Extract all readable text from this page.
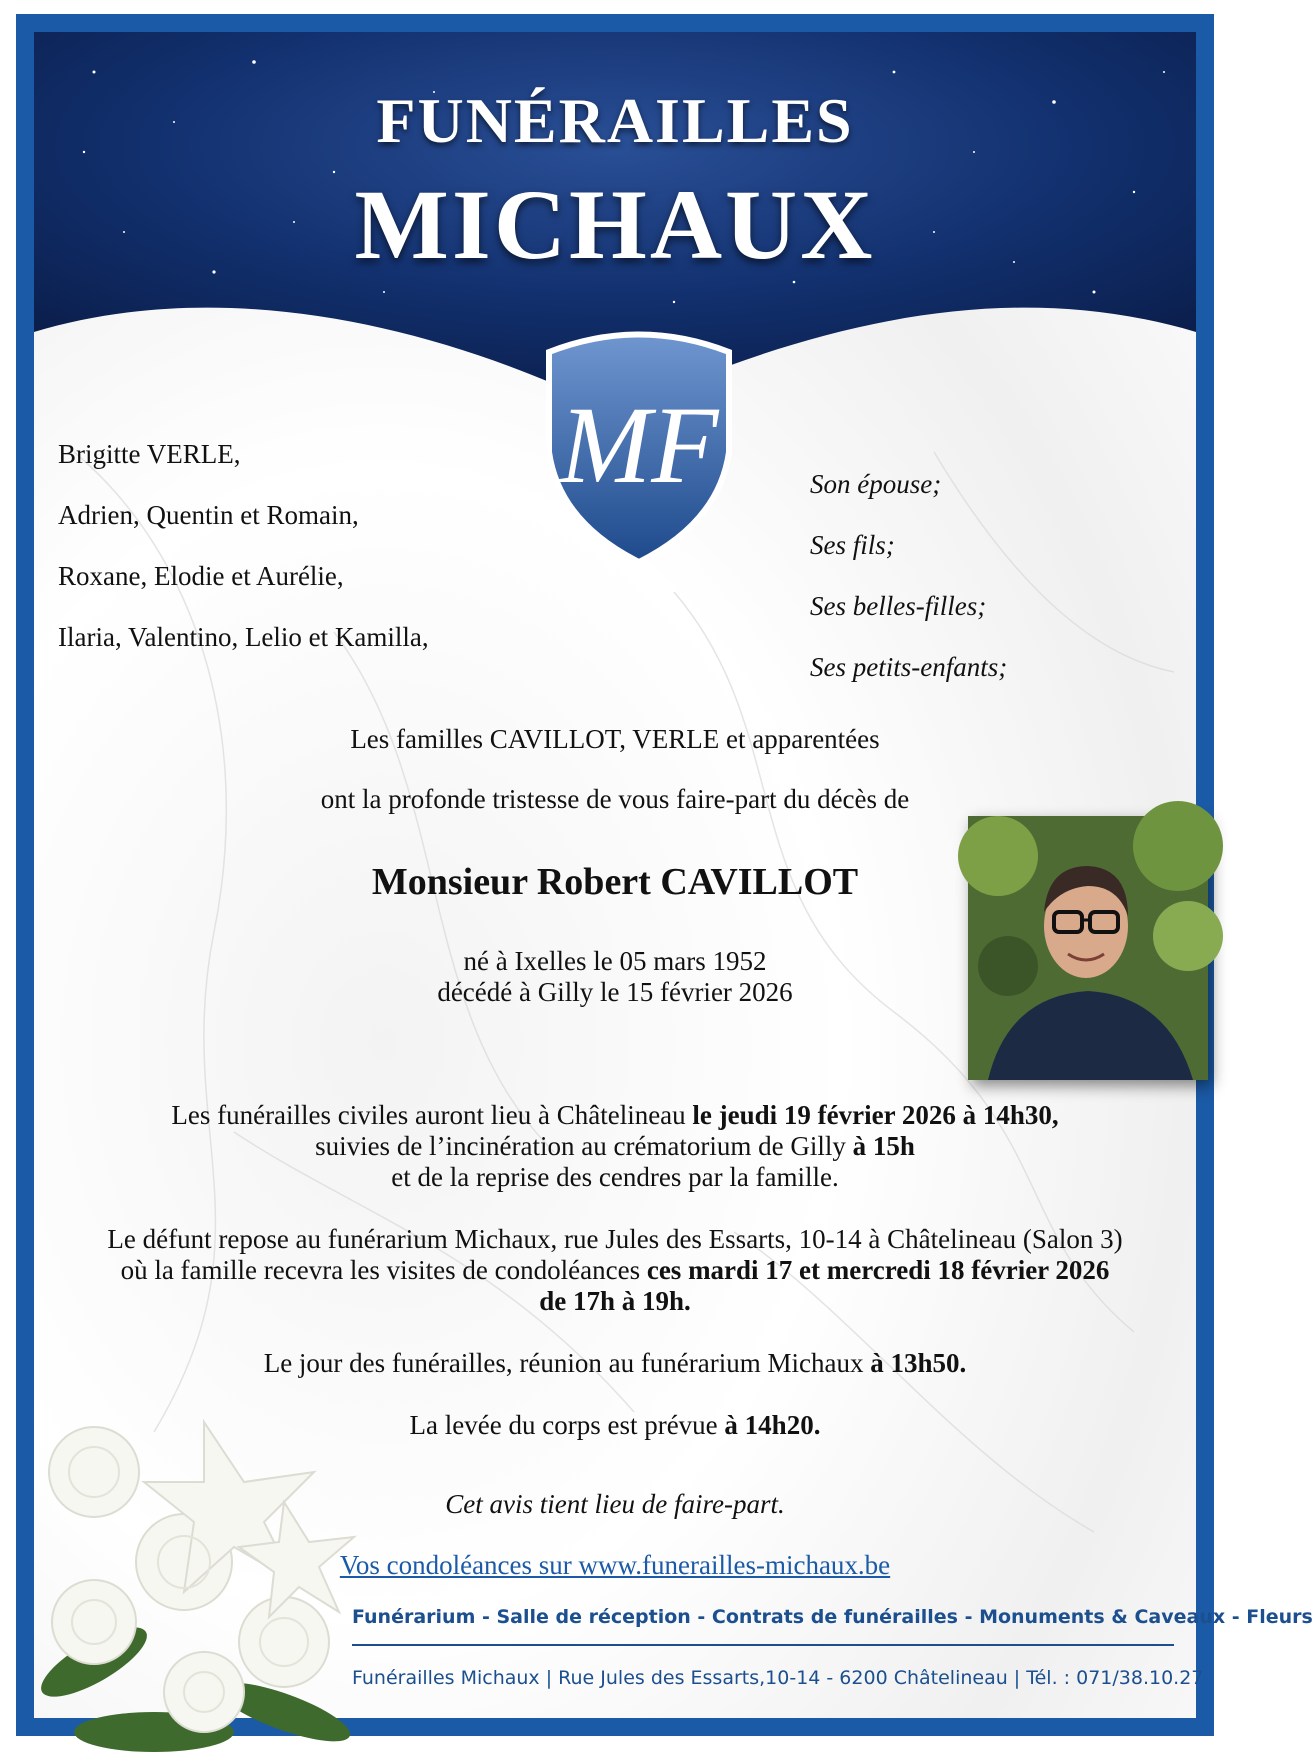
FUNÉRAILLES
MICHAUX
MF
Brigitte VERLE,
Adrien, Quentin et Romain,
Roxane, Elodie et Aurélie,
Ilaria, Valentino, Lelio et Kamilla,
Son épouse;
Ses fils;
Ses belles-filles;
Ses petits-enfants;
Les familles CAVILLOT, VERLE et apparentées
ont la profonde tristesse de vous faire-part du décès de
Monsieur Robert CAVILLOT
né à Ixelles le 05 mars 1952
décédé à Gilly le 15 février 2026

Les funérailles civiles auront lieu à Châtelineau le jeudi 19 février 2026 à 14h30,
suivies de l’incinération au crématorium de Gilly à 15h
et de la reprise des cendres par la famille.

Le défunt repose au funérarium Michaux, rue Jules des Essarts, 10-14 à Châtelineau (Salon 3)
où la famille recevra les visites de condoléances ces mardi 17 et mercredi 18 février 2026
de 17h à 19h.

Le jour des funérailles, réunion au funérarium Michaux à 13h50.

La levée du corps est prévue à 14h20.

Cet avis tient lieu de faire-part.
Vos condoléances sur www.funerailles-michaux.be
Funérarium - Salle de réception - Contrats de funérailles - Monuments & Caveaux - Fleurs
Funérailles Michaux | Rue Jules des Essarts,10-14 - 6200 Châtelineau | Tél. : 071/38.10.27
